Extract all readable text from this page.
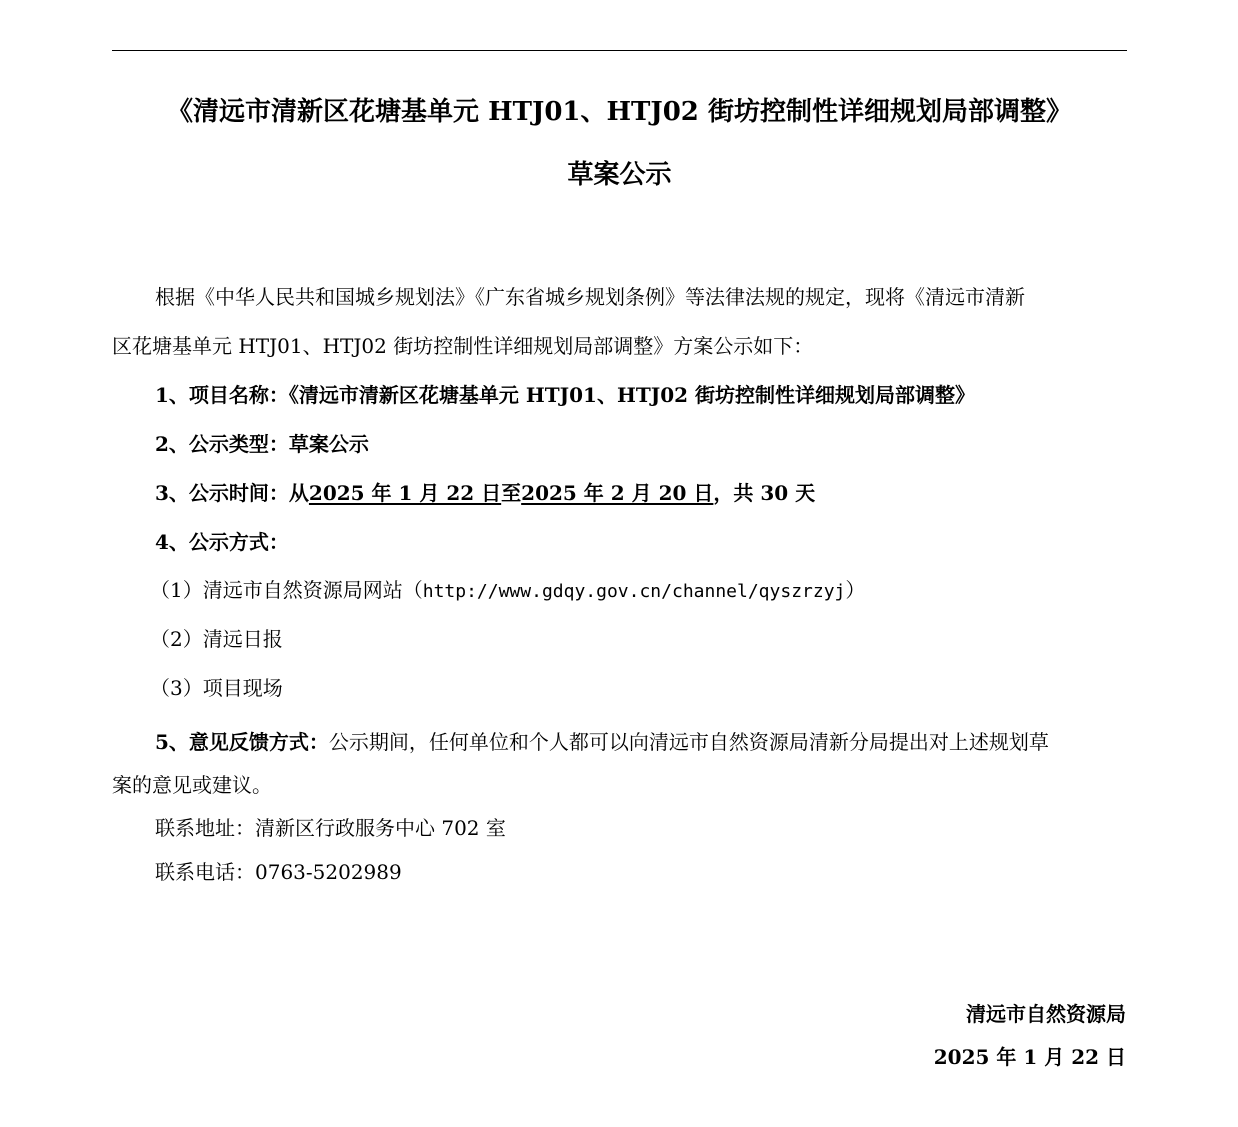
《清远市清新区花塘基单元 HTJ01、HTJ02 街坊控制性详细规划局部调整》
草案公示
根据《中华人民共和国城乡规划法》《广东省城乡规划条例》等法律法规的规定，现将《清远市清新
区花塘基单元 HTJ01、HTJ02 街坊控制性详细规划局部调整》方案公示如下：
1、项目名称：《清远市清新区花塘基单元 HTJ01、HTJ02 街坊控制性详细规划局部调整》
2、公示类型：草案公示
3、公示时间：从2025 年 1 月 22 日至2025 年 2 月 20 日，共 30 天
4、公示方式：
（1）清远市自然资源局网站（http://www.gdqy.gov.cn/channel/qyszrzyj）
（2）清远日报
（3）项目现场
5、意见反馈方式：公示期间，任何单位和个人都可以向清远市自然资源局清新分局提出对上述规划草
案的意见或建议。
联系地址：清新区行政服务中心 702 室
联系电话：0763-5202989
清远市自然资源局
2025 年 1 月 22 日
